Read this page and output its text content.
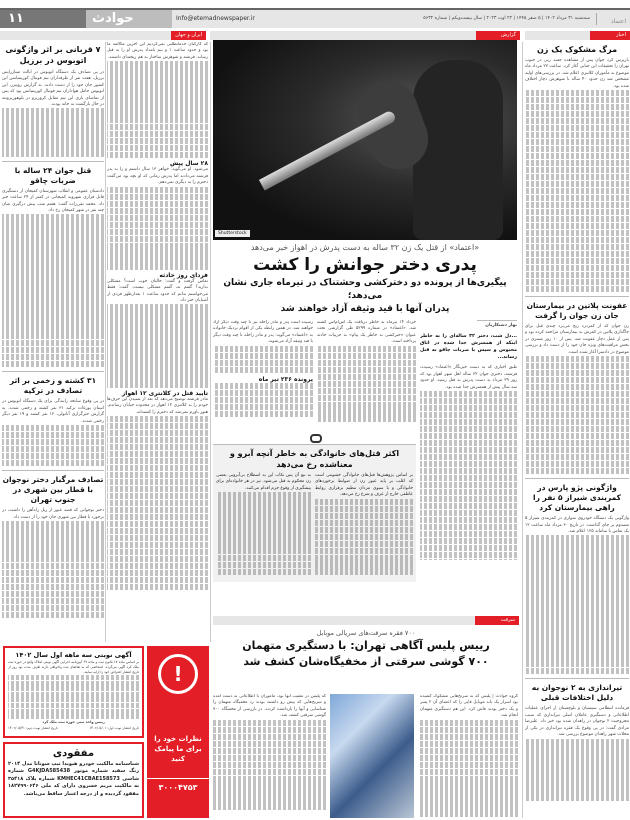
۱۱	حوادث	Info@etemadnewspaper.ir	سه‌شنبه ۳۱ مرداد ۱۴۰۲ | ۵ صفر ۱۴۴۵ | ۲۲ اوت ۲۰۲۳ | سال بیست‌ویکم | شماره ۵۶۳۲	اعتماد
ایران و جهان	گزارش	اخبار
۷ قربانی بر اثر واژگونی اتوبوس در برزیل
در پی تصادف یک دستگاه اتوبوس در ایالت میناژرایس برزیل، هفت نفر از طرفداران تیم فوتبال کورینتیانس این کشور جان خود را از دست دادند. به گزارش رویترز، این اتوبوس حامل هواداران تیم فوتبال کورینتیانس بود که پس از تماشای بازی این تیم مقابل کروزیرو در بلوهوریزونته در حال بازگشت به خانه بودند.
قتل جوان ۲۴ ساله با ضربات چاقو
دادستان عمومی و انقلاب شهرستان کمیجان از دستگیری قاتل فراری شهروند کمیجانی در کمتر از ۲۴ ساعت خبر داد. محمد تقی‌زاده گفت: هفتم شب پیش درگیری میان چند نفر در شهر کمیجان رخ داد.
۳۱ کشته و زخمی بر اثر تصادف در ترکیه
در پی وقوع سانحه رانندگی برای یک دستگاه اتوبوس در استان یوزغات ترکیه ۳۱ نفر کشته و زخمی شدند. به گزارش خبرگزاری آناتولی، ۱۲ نفر کشته و ۱۹ نفر دیگر زخمی شدند.
تصادف مرگبار دختر نوجوان با قطار بین شهری در جنوب تهران
دختر نوجوانی که قصد عبور از ریل راه‌آهن را داشت، در برخورد با قطار بین شهری جان خود را از دست داد.
که کارکنان خدماتطلبی نمی‌کردیم این آخرین مکالمه ما بود و حدود ساعت ۱ و نیم بامداد پدرش او را به قتل رساند. فرشته و شوهرش ساختار به هم ریخته‌ای داشتند.
۲۸ سال پیش
می‌شود. او می‌گوید: خواهر ۱۳ سال داشتم و را به پدر فرشته می‌دادند اما پدرش زمانی که او بچه بود می‌گفت دخترم را به دیگری نمی‌دهم.
فردای روز حادثه
تماس گرفت و گفت: حالتان خوب است؟ مشکلی ندارید؟ گفتم نه، گفتم مشکلی نیست. گفت: فقط می‌خواستم بدانم که حدود ساعت ۱ بعدازظهر فردی از آشنایان خبر داد.
تایید قتل در کلانتری ۱۲ اهواز
مادر فرشته توضیح می‌دهد که بعد از شنیدن این حرف‌ها خودم را به کلانتری ۱۲ اهواز در محدوده خیابان رساندم. هنوز باورم نمی‌شد که دخترم را کشته‌اند.
Shutterstock
«اعتماد» از قتل یک زن ۳۲ ساله به دست پدرش در اهواز خبر می‌دهد
پدری دختر جوانش را کشت
پیگیری‌ها از پرونده دو دخترکشی وحشتناک در تیرماه جاری نشان می‌دهد؛
پدران آنها با قید وثیقه آزاد خواهند شد
بهار دشتکاریان
...دل شب، دختر ۳۲ ساله‌ای را به خاطر اینکه از همسرش جدا شده در اتاق محبوس و سپس با ضربات چاقو به قتل رساند...
طبق اخباری که به دست خبرنگار «اعتماد» رسیده، فرشته، دختری جوان ۳۲ ساله اهل شهر اهواز بود که روز ۲۹ مرداد به دست پدرش به قتل رسید. او حدود سه سال پیش از همسرش جدا شده بود.
خرداد ۱۴ تیرماه به خاطر دریافت یک اس‌ام‌اس کشته شد. «اعتماد» در شماره ۵۲۹۹ طی گزارشی تحت عنوان «خبرکشی به خاطر یک پیام» به جزییات حادثه پرداخته است.
رسیده است پدر و مادر راحله نیز تا چند وقت دیگر آزاد خواهند شد. در همین رابطه یکی از اقوام نزدیک خانواده به «اعتماد» می‌گوید: پدر و مادر راحله تا چند وقت دیگر با قید وثیقه آزاد می‌شوند.
پرونده ۲۳۶ تیر ماه
اکثر قتل‌های خانوادگی به خاطر آنچه آبرو و معناشده رخ می‌دهد
بر اساس پژوهش‌ها قتل‌های خانوادگی خشونتی است که اغلب بر پایه عبور زن از ضوابط برخوردهای خانوادگی و یا سیوی مردان تنظیم برقراری روابط عاطفی خارج از عرف و شرع رخ می‌دهد.
به نبع آن پس تکاب این به اصطلاح بی‌آبرویی بعضی زن محکوم به قتل می‌شود. نیز در هر خانواده‌ای برای پیشگیری از وقوع جرم اقدام می‌کنند.
مرگ مشکوک یک زن
بازپرس کرد جوان پس از مشاهده جسد زنی در جنوب تهران را تحقیقات این جنایی آغاز کرد. ساعت ۲۷ مرداد ماه موضوع به مأموران کلانتری اعلام شد. در بررسی‌های اولیه مشخص شد زن حدود ۴۰ ساله با شوهرش دچار اختلاف شده بود.
عفونت پلاتین در بیمارستان جان زن جوان را گرفت
زن جوان که از کمردرد رنج می‌برد چندی قبل برای جاگذاری پلاتین در کمرش به بیمارستان مراجعه کرده بود و پس از عمل دچار عفونت شد. پس از ۱۰ روز بستری در بخش مراقبت‌های ویژه جان خود را از دست داد و بررسی موضوع در دادسرا آغاز شده است.
واژگونی پژو پارس در کمربندی شیراز ۵ نفر را راهی بیمارستان کرد
واژگونی یک دستگاه خودروی سواری در کمربندی شیراز ۵ مصدوم بر جای گذاشت. در تاریخ ۳۰ مرداد ماه ساعت ۱۲ یک تماس با سامانه ۱۲۵ اعلام شد.
تیراندازی به ۲ نوجوان به دلیل اختلافات قبلی
فرمانده انتظامی سیستان و بلوچستان از اجرای عملیات اطلاعاتی و دستگیری عاملان اصلی تیراندازی که سبب مجروحیت ۲ نوجوان در زاهدان شده بود خبر داد. علیرضا مرادی گفت: در پی وقوع یک فقره تیراندازی در یکی از محلات شهر زاهدان موضوع بررسی شد.
سرقت
۷۰۰ فقره سرقت‌های سریالی موبایل
رییس پلیس آگاهی تهران: با دستگیری متهمان
۷۰۰ گوشی سرقتی از مخفیگاه‌شان کشف شد
گروه حوادث | پلیس که به سرنخ‌هایی مشکوک کشیده بود اسرار یک باند موبایل قاپی را که اعضای آن ۲ پسر و یک دختر بودند فاش کرد. این هم دستگیری متهمان انجام شد.
که پلیس در تعقیب آنها بود، مأموران با اطلاعاتی به دست آمده و سرنخ‌هایی که پیش رو داشتند بودند رد مخفیگاه متهمان را شناسایی و آنها را بازداشت کردند. در بازرسی از مخفیگاه ۷۰۰ گوشی سرقتی کشف شد.
آگهی نوبتی سه ماهه اول سال ۱۴۰۲
بر اساس ماده ۱۷ قانون ثبت و ماده ۶۹ آیین‌نامه اجرایی آگهی نوبتی املاک واقع در حوزه ثبت ملک کرد آگهی می‌گردد. اشخاصی که به تقاضای ثبت واخواهی دارند ظرف مدت نود روز از تاریخ انتشار اعتراض خود را ارایه نمایند.
رییس واحد ثبتی حوزه ثبت ملک کرد
تاریخ انتشار نوبت اول: ۱۴۰۲/۰۵/۰۱
تاریخ انتشار نوبت دوم: ۱۴۰۲/۰۵/۳۱
مفقودی
شناسنامه مالکیت خودرو هیوندا تیپ سوناتا مدل ۲۰۱۴ رنگ سفید شماره موتور G4KJDA585438 شماره شاسی KMHEC41CBAE158573 شماره پلاک ۳۵۴۱۸ به مالکیت مریم خسروی دارای کد ملی ۱۸۲۷۹۹۰۶۴۶ مفقود گردیده و از درجه اعتبار ساقط می‌باشد.
!
نظرات خود را برای ما پیامک کنید
۳۰۰۰۴۷۵۳
